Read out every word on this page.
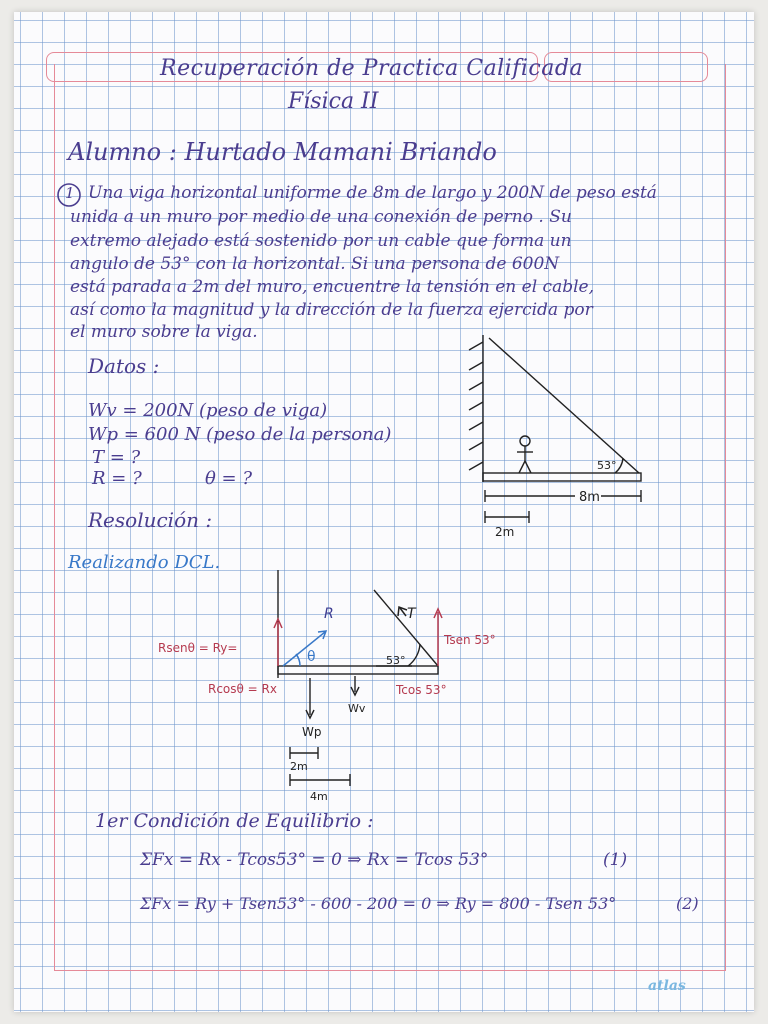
Recuperación de Practica Calificada
Física II
Alumno : Hurtado Mamani Briando
1 Una viga horizontal uniforme de 8m de largo y 200N de peso está
unida a un muro por medio de una conexión de perno . Su
extremo alejado está sostenido por un cable que forma un
angulo de 53° con la horizontal. Si una persona de 600N
está parada a 2m del muro, encuentre la tensión en el cable,
así como la magnitud y la dirección de la fuerza ejercida por
el muro sobre la viga.
Datos :
Wv = 200N (peso de viga)
Wp = 600 N (peso de la persona)
T = ?
R = ?	θ = ?
53°
8m
2m
Resolución :
Realizando DCL.
R	T
θ	53°
Rsenθ = Ry=
Rcosθ = Rx
Tsen 53°
Tcos 53°
Wp
Wv
2m
4m
1er Condición de Equilibrio :
ΣFx = Rx - Tcos53° = 0 ⇒ Rx = Tcos 53°	(1)
ΣFx = Ry + Tsen53° - 600 - 200 = 0 ⇒ Ry = 800 - Tsen 53°	(2)
atlas
